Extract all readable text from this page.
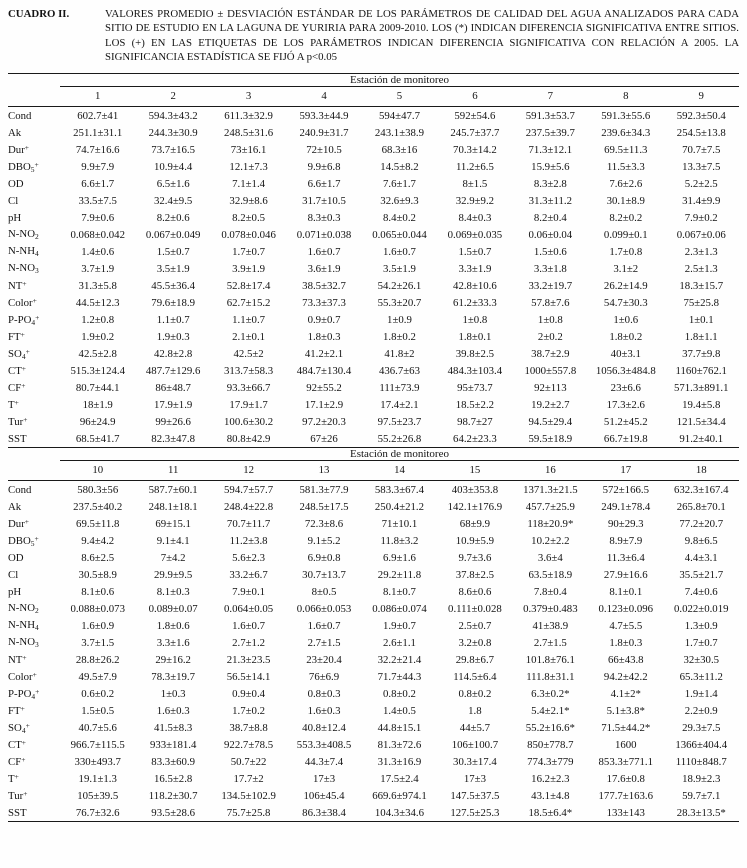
CUADRO II.	VALORES PROMEDIO ± DESVIACIÓN ESTÁNDAR DE LOS PARÁMETROS DE CALIDAD DEL AGUA ANALIZADOS PARA CADA SITIO DE ESTUDIO EN LA LAGUNA DE YURIRIA PARA 2009-2010. LOS (*) INDICAN DIFERENCIA SIGNIFICATIVA ENTRE SITIOS. LOS (+) EN LAS ETIQUETAS DE LOS PARÁMETROS INDICAN DIFERENCIA SIGNIFICATIVA CON RELACIÓN A 2005. LA SIGNIFICANCIA ESTADÍSTICA SE FIJÓ A p<0.05
	Estación de monitoreo								
	1	2	3	4	5	6	7	8	9
Cond	602.7±41	594.3±43.2	611.3±32.9	593.3±44.9	594±47.7	592±54.6	591.3±53.7	591.3±55.6	592.3±50.4
Ak	251.1±31.1	244.3±30.9	248.5±31.6	240.9±31.7	243.1±38.9	245.7±37.7	237.5±39.7	239.6±34.3	254.5±13.8
Dur+	74.7±16.6	73.7±16.5	73±16.1	72±10.5	68.3±16	70.3±14.2	71.3±12.1	69.5±11.3	70.7±7.5
$DBO_5^+$	9.9±7.9	10.9±4.4	12.1±7.3	9.9±6.8	14.5±8.2	11.2±6.5	15.9±5.6	11.5±3.3	13.3±7.5
OD	6.6±1.7	6.5±1.6	7.1±1.4	6.6±1.7	7.6±1.7	8±1.5	8.3±2.8	7.6±2.6	5.2±2.5
Cl	33.5±7.5	32.4±9.5	32.9±8.6	31.7±10.5	32.6±9.3	32.9±9.2	31.3±11.2	30.1±8.9	31.4±9.9
pH	7.9±0.6	8.2±0.6	8.2±0.5	8.3±0.3	8.4±0.2	8.4±0.3	8.2±0.4	8.2±0.2	7.9±0.2
$N-NO_2$	0.068±0.042	0.067±0.049	0.078±0.046	0.071±0.038	0.065±0.044	0.069±0.035	0.06±0.04	0.099±0.1	0.067±0.06
$N-NH_4$	1.4±0.6	1.5±0.7	1.7±0.7	1.6±0.7	1.6±0.7	1.5±0.7	1.5±0.6	1.7±0.8	2.3±1.3
$N-NO_3$	3.7±1.9	3.5±1.9	3.9±1.9	3.6±1.9	3.5±1.9	3.3±1.9	3.3±1.8	3.1±2	2.5±1.3
NT+	31.3±5.8	45.5±36.4	52.8±17.4	38.5±32.7	54.2±26.1	42.8±10.6	33.2±19.7	26.2±14.9	18.3±15.7
Color+	44.5±12.3	79.6±18.9	62.7±15.2	73.3±37.3	55.3±20.7	61.2±33.3	57.8±7.6	54.7±30.3	75±25.8
$P-PO_4^+$	1.2±0.8	1.1±0.7	1.1±0.7	0.9±0.7	1±0.9	1±0.8	1±0.8	1±0.6	1±0.1
FT+	1.9±0.2	1.9±0.3	2.1±0.1	1.8±0.3	1.8±0.2	1.8±0.1	2±0.2	1.8±0.2	1.8±1.1
$SO_4^+$	42.5±2.8	42.8±2.8	42.5±2	41.2±2.1	41.8±2	39.8±2.5	38.7±2.9	40±3.1	37.7±9.8
CT+	515.3±124.4	487.7±129.6	313.7±58.3	484.7±130.4	436.7±63	484.3±103.4	1000±557.8	1056.3±484.8	1160±762.1
CF+	80.7±44.1	86±48.7	93.3±66.7	92±55.2	111±73.9	95±73.7	92±113	23±6.6	571.3±891.1
T+	18±1.9	17.9±1.9	17.9±1.7	17.1±2.9	17.4±2.1	18.5±2.2	19.2±2.7	17.3±2.6	19.4±5.8
Tur+	96±24.9	99±26.6	100.6±30.2	97.2±20.3	97.5±23.7	98.7±27	94.5±29.4	51.2±45.2	121.5±34.4
SST	68.5±41.7	82.3±47.8	80.8±42.9	67±26	55.2±26.8	64.2±23.3	59.5±18.9	66.7±19.8	91.2±40.1
	Estación de monitoreo								
	10	11	12	13	14	15	16	17	18
Cond	580.3±56	587.7±60.1	594.7±57.7	581.3±77.9	583.3±67.4	403±353.8	1371.3±21.5	572±166.5	632.3±167.4
Ak	237.5±40.2	248.1±18.1	248.4±22.8	248.5±17.5	250.4±21.2	142.1±176.9	457.7±25.9	249.1±78.4	265.8±70.1
Dur+	69.5±11.8	69±15.1	70.7±11.7	72.3±8.6	71±10.1	68±9.9	118±20.9*	90±29.3	77.2±20.7
$DBO_5^+$	9.4±4.2	9.1±4.1	11.2±3.8	9.1±5.2	11.8±3.2	10.9±5.9	10.2±2.2	8.9±7.9	9.8±6.5
OD	8.6±2.5	7±4.2	5.6±2.3	6.9±0.8	6.9±1.6	9.7±3.6	3.6±4	11.3±6.4	4.4±3.1
Cl	30.5±8.9	29.9±9.5	33.2±6.7	30.7±13.7	29.2±11.8	37.8±2.5	63.5±18.9	27.9±16.6	35.5±21.7
pH	8.1±0.6	8.1±0.3	7.9±0.1	8±0.5	8.1±0.7	8.6±0.6	7.8±0.4	8.1±0.1	7.4±0.6
$N-NO_2$	0.088±0.073	0.089±0.07	0.064±0.05	0.066±0.053	0.086±0.074	0.111±0.028	0.379±0.483	0.123±0.096	0.022±0.019
$N-NH_4$	1.6±0.9	1.8±0.6	1.6±0.7	1.6±0.7	1.9±0.7	2.5±0.7	41±38.9	4.7±5.5	1.3±0.9
$N-NO_3$	3.7±1.5	3.3±1.6	2.7±1.2	2.7±1.5	2.6±1.1	3.2±0.8	2.7±1.5	1.8±0.3	1.7±0.7
NT+	28.8±26.2	29±16.2	21.3±23.5	23±20.4	32.2±21.4	29.8±6.7	101.8±76.1	66±43.8	32±30.5
Color+	49.5±7.9	78.3±19.7	56.5±14.1	76±6.9	71.7±44.3	114.5±6.4	111.8±31.1	94.2±42.2	65.3±11.2
$P-PO_4^+$	0.6±0.2	1±0.3	0.9±0.4	0.8±0.3	0.8±0.2	0.8±0.2	6.3±0.2*	4.1±2*	1.9±1.4
FT+	1.5±0.5	1.6±0.3	1.7±0.2	1.6±0.3	1.4±0.5	1.8	5.4±2.1*	5.1±3.8*	2.2±0.9
$SO_4^+$	40.7±5.6	41.5±8.3	38.7±8.8	40.8±12.4	44.8±15.1	44±5.7	55.2±16.6*	71.5±44.2*	29.3±7.5
CT+	966.7±115.5	933±181.4	922.7±78.5	553.3±408.5	81.3±72.6	106±100.7	850±778.7	1600	1366±404.4
CF+	330±493.7	83.3±60.9	50.7±22	44.3±7.4	31.3±16.9	30.3±17.4	774.3±779	853.3±771.1	1110±848.7
T+	19.1±1.3	16.5±2.8	17.7±2	17±3	17.5±2.4	17±3	16.2±2.3	17.6±0.8	18.9±2.3
Tur+	105±39.5	118.2±30.7	134.5±102.9	106±45.4	669.6±974.1	147.5±37.5	43.1±4.8	177.7±163.6	59.7±7.1
SST	76.7±32.6	93.5±28.6	75.7±25.8	86.3±38.4	104.3±34.6	127.5±25.3	18.5±6.4*	133±143	28.3±13.5*
